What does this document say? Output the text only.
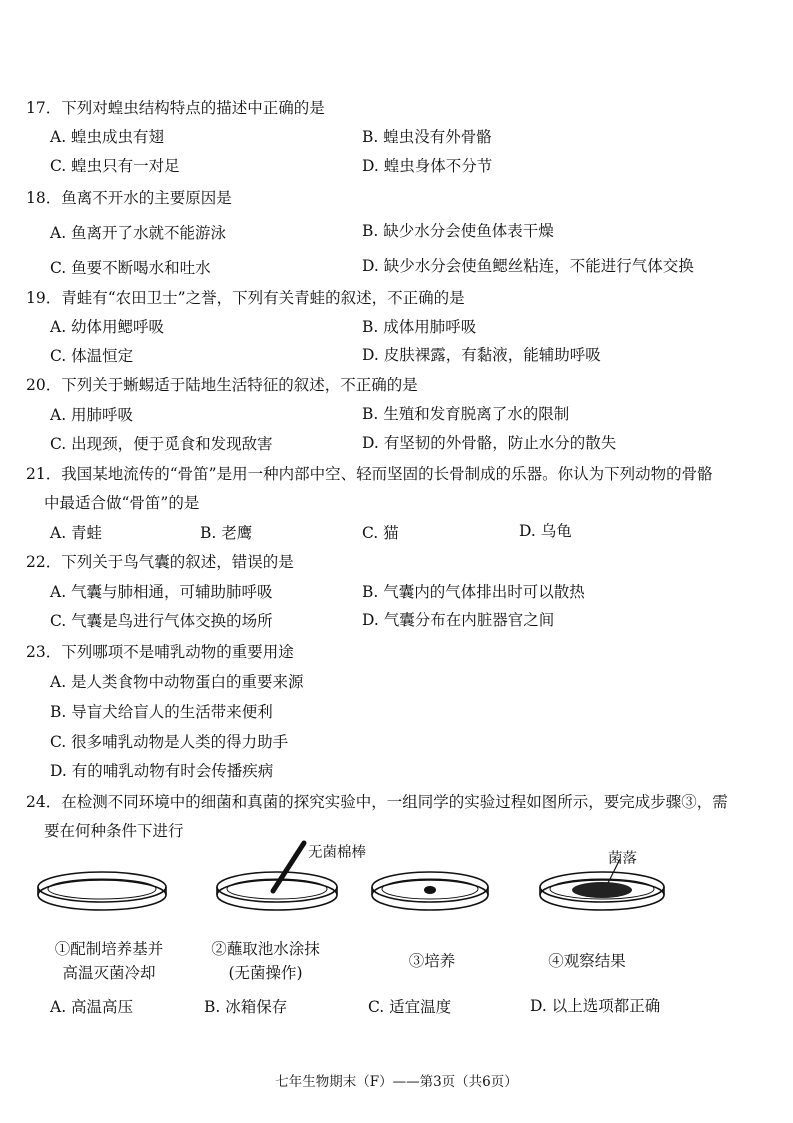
17．下列对蝗虫结构特点的描述中正确的是
A. 蝗虫成虫有翅	B. 蝗虫没有外骨骼
C. 蝗虫只有一对足	D. 蝗虫身体不分节
18．鱼离不开水的主要原因是
A. 鱼离开了水就不能游泳	B. 缺少水分会使鱼体表干燥
C. 鱼要不断喝水和吐水	D. 缺少水分会使鱼鳃丝粘连，不能进行气体交换
19．青蛙有“农田卫士”之誉，下列有关青蛙的叙述，不正确的是
A. 幼体用鳃呼吸	B. 成体用肺呼吸
C. 体温恒定	D. 皮肤裸露，有黏液，能辅助呼吸
20．下列关于蜥蜴适于陆地生活特征的叙述，不正确的是
A. 用肺呼吸	B. 生殖和发育脱离了水的限制
C. 出现颈，便于觅食和发现敌害	D. 有坚韧的外骨骼，防止水分的散失
21．我国某地流传的“骨笛”是用一种内部中空、轻而坚固的长骨制成的乐器。你认为下列动物的骨骼
中最适合做“骨笛”的是
A. 青蛙	B. 老鹰	C. 猫	D. 乌龟
22．下列关于鸟气囊的叙述，错误的是
A. 气囊与肺相通，可辅助肺呼吸	B. 气囊内的气体排出时可以散热
C. 气囊是鸟进行气体交换的场所	D. 气囊分布在内脏器官之间
23．下列哪项不是哺乳动物的重要用途
A. 是人类食物中动物蛋白的重要来源
B. 导盲犬给盲人的生活带来便利
C. 很多哺乳动物是人类的得力助手
D. 有的哺乳动物有时会传播疾病
24．在检测不同环境中的细菌和真菌的探究实验中，一组同学的实验过程如图所示，要完成步骤③，需
要在何种条件下进行
无菌棉棒	菌落
①配制培养基并
高温灭菌冷却
②蘸取池水涂抹
(无菌操作)
③培养	④观察结果
A. 高温高压	B. 冰箱保存	C. 适宜温度	D. 以上选项都正确
七年生物期末（F）——第3页（共6页）
